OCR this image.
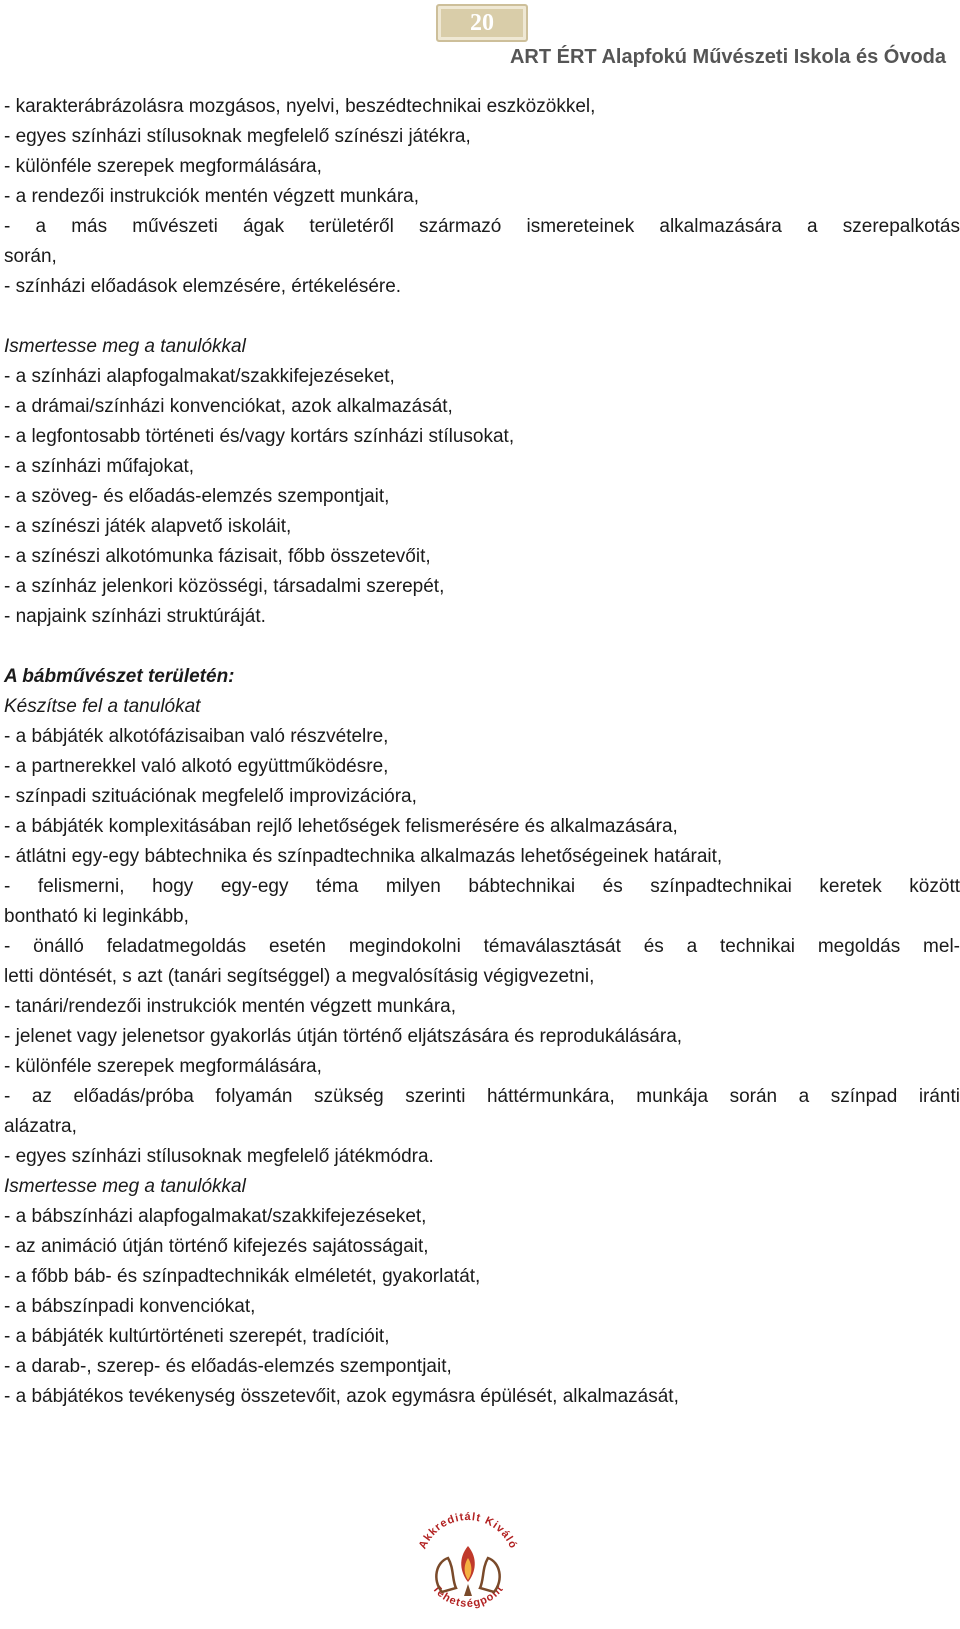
20
ART ÉRT Alapfokú Művészeti Iskola és Óvoda
- karakterábrázolásra mozgásos, nyelvi, beszédtechnikai eszközökkel,
- egyes színházi stílusoknak megfelelő színészi játékra,
- különféle szerepek megformálására,
- a rendezői instrukciók mentén végzett munkára,
- a más művészeti ágak területéről származó ismereteinek alkalmazására a szerepalkotás
során,
- színházi előadások elemzésére, értékelésére.
Ismertesse meg a tanulókkal
- a színházi alapfogalmakat/szakkifejezéseket,
- a drámai/színházi konvenciókat, azok alkalmazását,
- a legfontosabb történeti és/vagy kortárs színházi stílusokat,
- a színházi műfajokat,
- a szöveg- és előadás-elemzés szempontjait,
- a színészi játék alapvető iskoláit,
- a színészi alkotómunka fázisait, főbb összetevőit,
- a színház jelenkori közösségi, társadalmi szerepét,
- napjaink színházi struktúráját.
A bábművészet területén:
Készítse fel a tanulókat
- a bábjáték alkotófázisaiban való részvételre,
- a partnerekkel való alkotó együttműködésre,
- színpadi szituációnak megfelelő improvizációra,
- a bábjáték komplexitásában rejlő lehetőségek felismerésére és alkalmazására,
- átlátni egy-egy bábtechnika és színpadtechnika alkalmazás lehetőségeinek határait,
- felismerni, hogy egy-egy téma milyen bábtechnikai és színpadtechnikai keretek között
bontható ki leginkább,
- önálló feladatmegoldás esetén megindokolni témaválasztását és a technikai megoldás mel-
letti döntését, s azt (tanári segítséggel) a megvalósításig végigvezetni,
- tanári/rendezői instrukciók mentén végzett munkára,
- jelenet vagy jelenetsor gyakorlás útján történő eljátszására és reprodukálására,
- különféle szerepek megformálására,
- az előadás/próba folyamán szükség szerinti háttérmunkára, munkája során a színpad iránti
alázatra,
- egyes színházi stílusoknak megfelelő játékmódra.
Ismertesse meg a tanulókkal
- a bábszínházi alapfogalmakat/szakkifejezéseket,
- az animáció útján történő kifejezés sajátosságait,
- a főbb báb- és színpadtechnikák elméletét, gyakorlatát,
- a bábszínpadi konvenciókat,
- a bábjáték kultúrtörténeti szerepét, tradícióit,
- a darab-, szerep- és előadás-elemzés szempontjait,
- a bábjátékos tevékenység összetevőit, azok egymásra épülését, alkalmazását,
Akkreditált Kiváló
Tehetségpont
